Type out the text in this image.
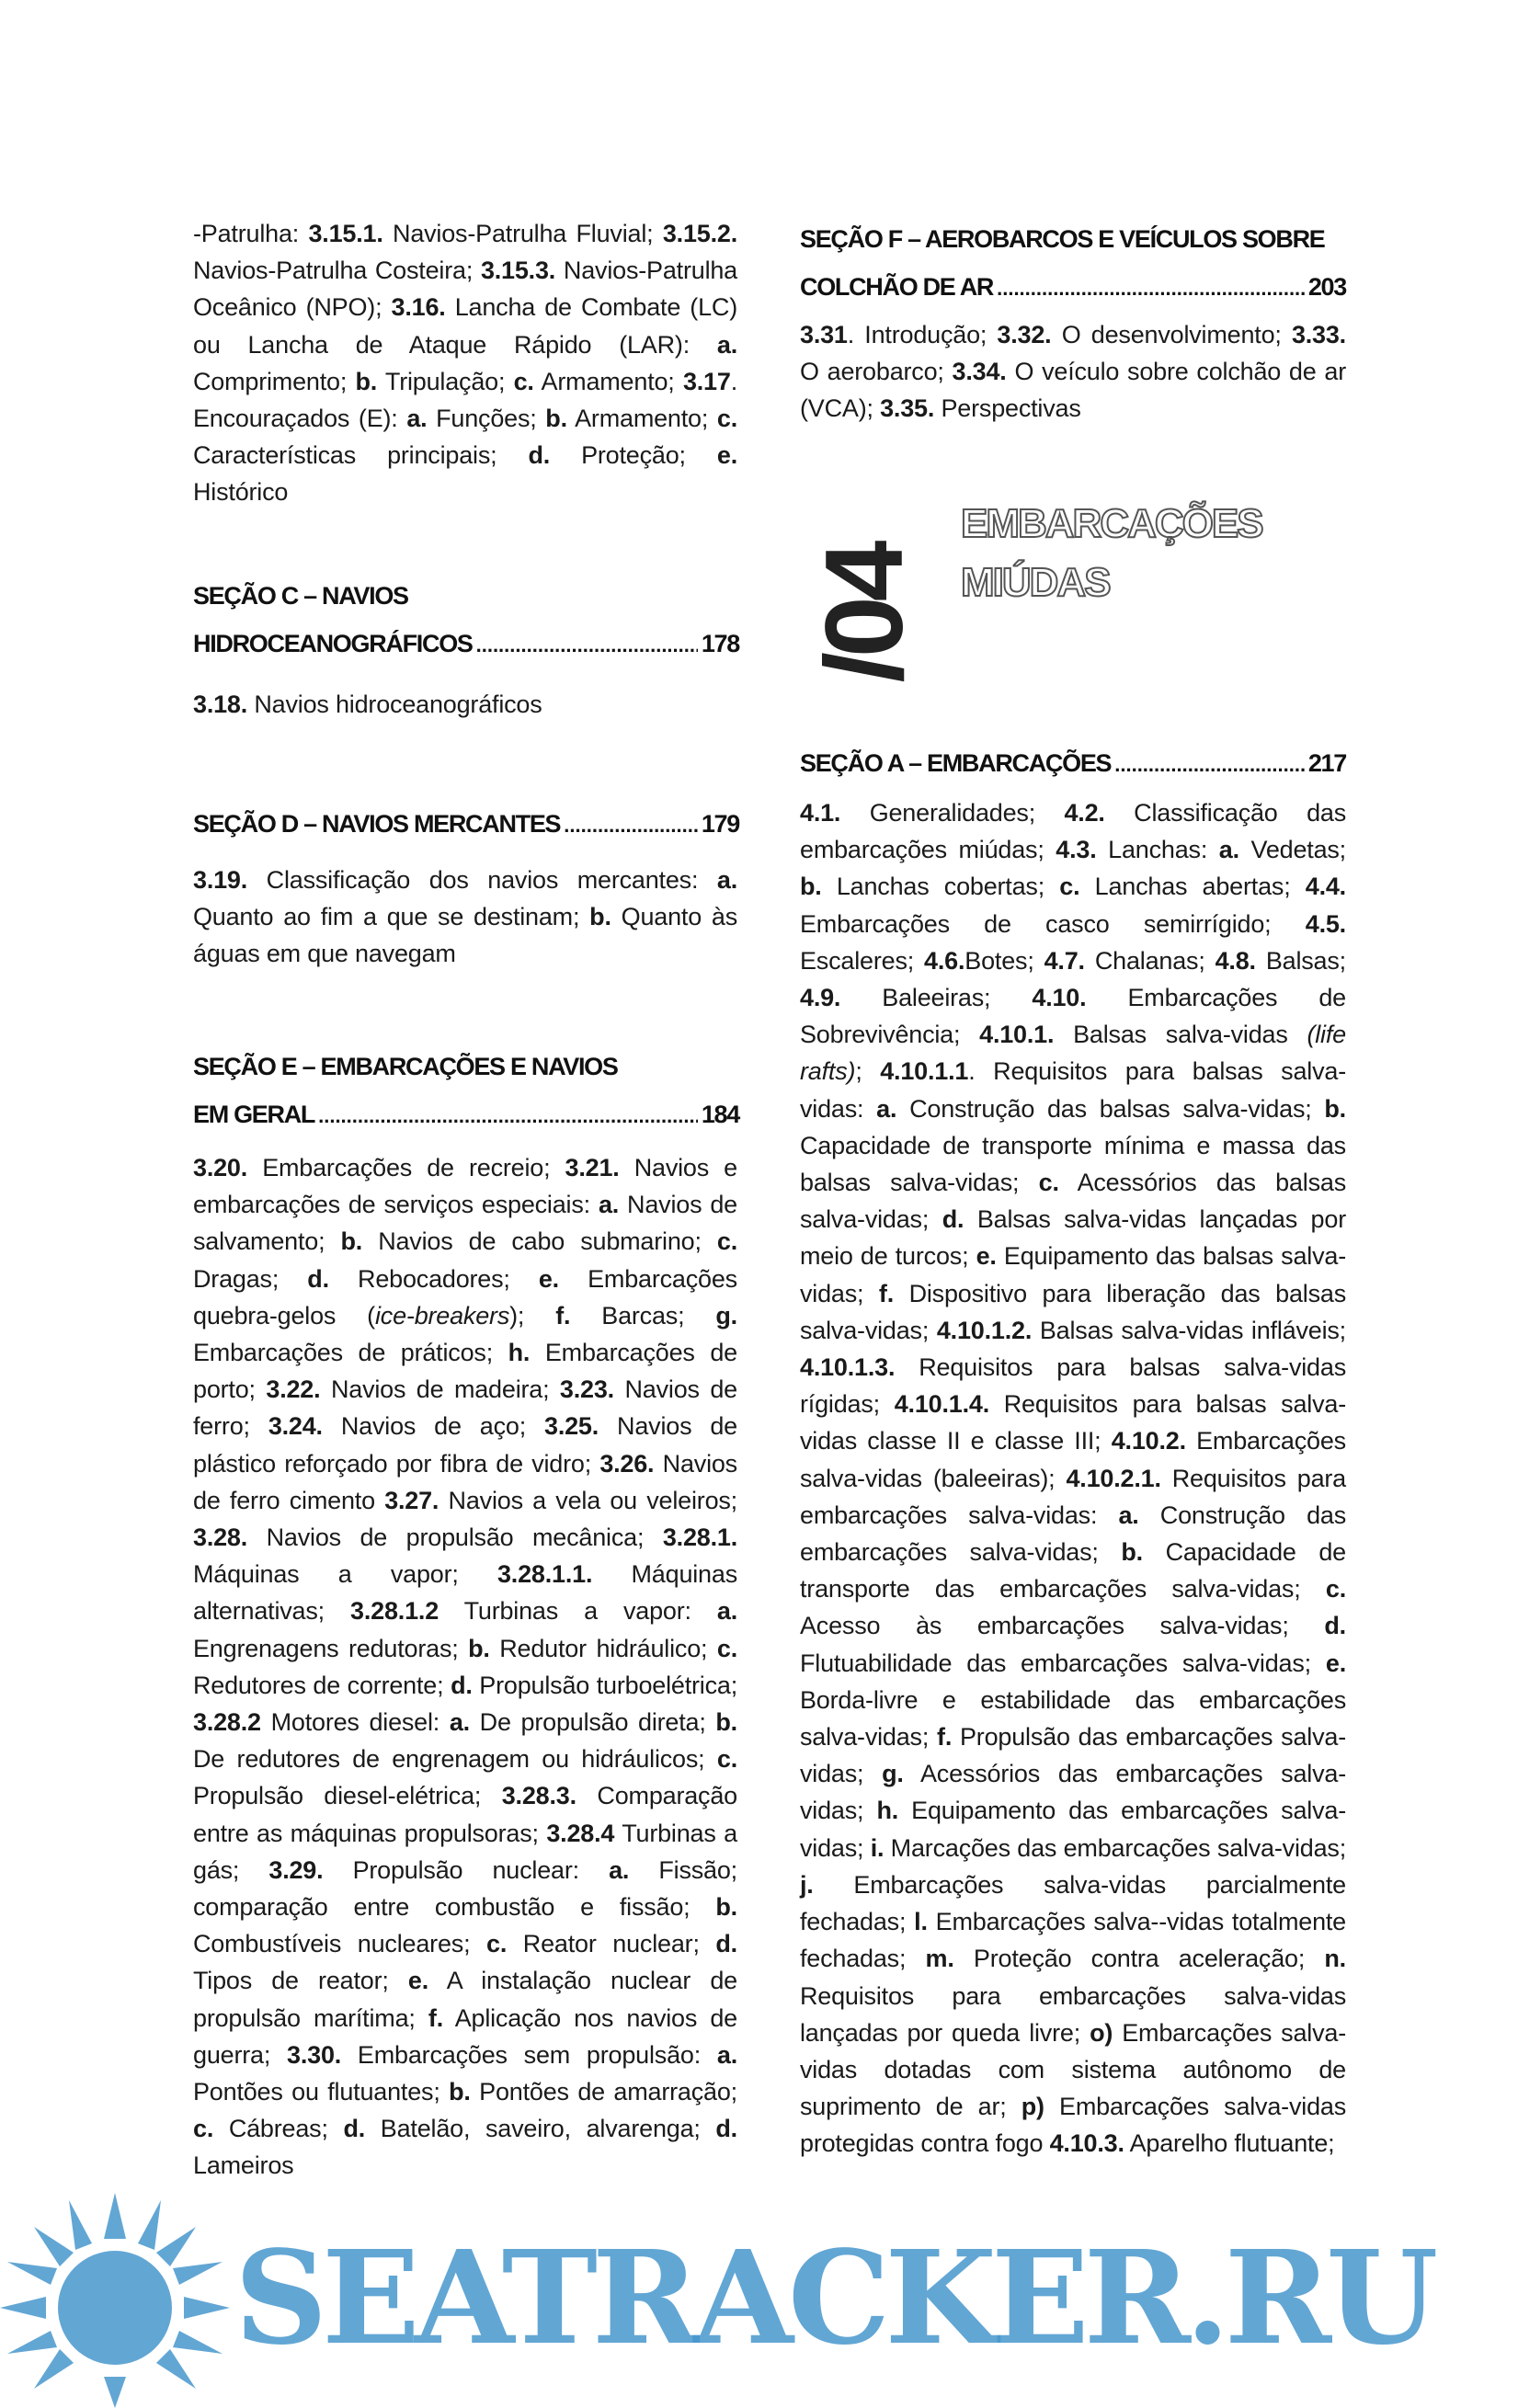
-Patrulha: 3.15.1. Navios-Patrulha Fluvial; 3.15.2. Navios-Patrulha Costeira; 3.15.3. Navios-Patrulha Oceânico (NPO); 3.16. Lancha de Combate (LC) ou Lancha de Ataque Rápido (LAR): a. Comprimento; b. Tripulação; c. Armamento; 3.17. Encouraçados (E): a. Funções; b. Armamento; c. Características principais; d. Proteção; e. Histórico
SEÇÃO C – NAVIOS
HIDROCEANOGRÁFICOS .....	178
3.18. Navios hidroceanográficos
SEÇÃO D – NAVIOS MERCANTES .....	179
3.19. Classificação dos navios mercantes: a. Quanto ao fim a que se destinam; b. Quanto às águas em que navegam
SEÇÃO E – EMBARCAÇÕES E NAVIOS
EM GERAL .....	184
3.20. Embarcações de recreio; 3.21. Navios e embarcações de serviços especiais: a. Navios de salvamento; b. Navios de cabo submarino; c. Dragas; d. Rebocadores; e. Embarcações quebra-gelos (ice-breakers); f. Barcas; g. Embarcações de práticos; h. Embarcações de porto; 3.22. Navios de madeira; 3.23. Navios de ferro; 3.24. Navios de aço; 3.25. Navios de plástico reforçado por fibra de vidro; 3.26. Navios de ferro cimento 3.27. Navios a vela ou veleiros; 3.28. Navios de propulsão mecânica; 3.28.1. Máquinas a vapor; 3.28.1.1. Máquinas alternativas; 3.28.1.2 Turbinas a vapor: a. Engrenagens redutoras; b. Redutor hidráulico; c. Redutores de corrente; d. Propulsão turboelétrica; 3.28.2 Motores diesel: a. De propulsão direta; b. De redutores de engrenagem ou hidráulicos; c. Propulsão diesel-elétrica; 3.28.3. Comparação entre as máquinas propulsoras; 3.28.4 Turbinas a gás; 3.29. Propulsão nuclear: a. Fissão; comparação entre combustão e fissão; b. Combustíveis nucleares; c. Reator nuclear; d. Tipos de reator; e. A instalação nuclear de propulsão marítima; f. Aplicação nos navios de guerra; 3.30. Embarcações sem propulsão: a. Pontões ou flutuantes; b. Pontões de amarração; c. Cábreas; d. Batelão, saveiro, alvarenga; d. Lameiros
SEÇÃO F – AEROBARCOS E VEÍCULOS SOBRE
COLCHÃO DE AR .....	203
3.31. Introdução; 3.32. O desenvolvimento; 3.33. O aerobarco; 3.34. O veículo sobre colchão de ar (VCA); 3.35. Perspectivas
/04
EMBARCAÇÕES
MIÚDAS
SEÇÃO A – EMBARCAÇÕES .....	217
4.1. Generalidades; 4.2. Classificação das embarcações miúdas; 4.3. Lanchas: a. Vedetas; b. Lanchas cobertas; c. Lanchas abertas; 4.4. Embarcações de casco semirrígido; 4.5. Escaleres; 4.6.Botes; 4.7. Chalanas; 4.8. Balsas; 4.9. Baleeiras; 4.10. Embarcações de Sobrevivência; 4.10.1. Balsas salva-vidas (life rafts); 4.10.1.1. Requisitos para balsas salva-vidas: a. Construção das balsas salva-vidas; b. Capacidade de transporte mínima e massa das balsas salva-vidas; c. Acessórios das balsas salva-vidas; d. Balsas salva-vidas lançadas por meio de turcos; e. Equipamento das balsas salva-vidas; f. Dispositivo para liberação das balsas salva-vidas; 4.10.1.2. Balsas salva-vidas infláveis; 4.10.1.3. Requisitos para balsas salva-vidas rígidas; 4.10.1.4. Requisitos para balsas salva-vidas classe II e classe III; 4.10.2. Embarcações salva-vidas (baleeiras); 4.10.2.1. Requisitos para embarcações salva-vidas: a. Construção das embarcações salva-vidas; b. Capacidade de transporte das embarcações salva-vidas; c. Acesso às embarcações salva-vidas; d. Flutuabilidade das embarcações salva-vidas; e. Borda-livre e estabilidade das embarcações salva-vidas; f. Propulsão das embarcações salva-vidas; g. Acessórios das embarcações salva-vidas; h. Equipamento das embarcações salva-vidas; i. Marcações das embarcações salva-vidas; j. Embarcações salva-vidas parcialmente fechadas; l. Embarcações salva--vidas totalmente fechadas; m. Proteção contra aceleração; n. Requisitos para embarcações salva-vidas lançadas por queda livre; o) Embarcações salva-vidas dotadas com sistema autônomo de suprimento de ar; p) Embarcações salva-vidas protegidas contra fogo 4.10.3. Aparelho flutuante;
SEATRACKER.RU
